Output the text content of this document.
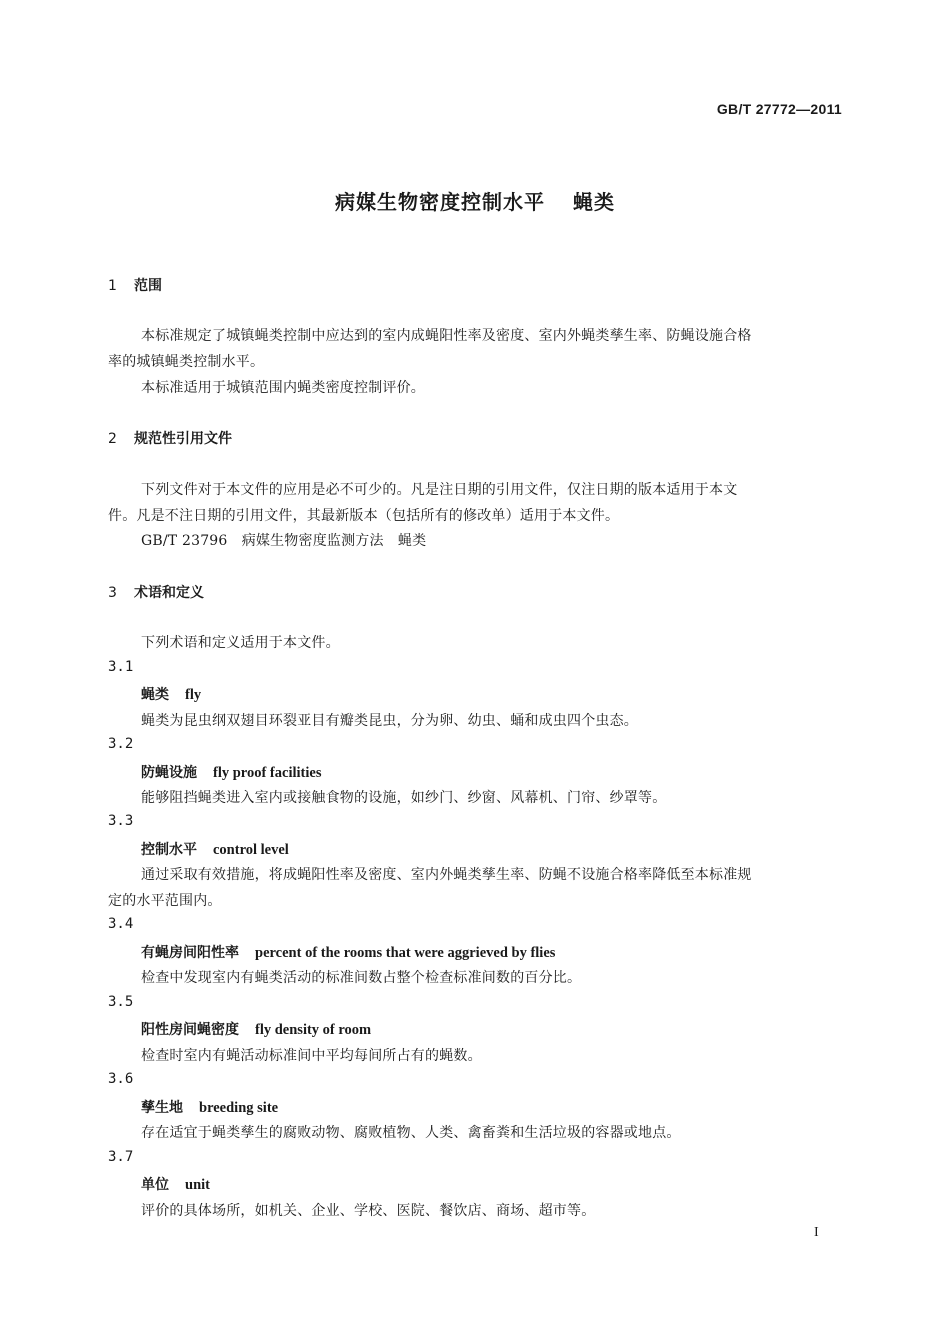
GB/T 27772—2011
病媒生物密度控制水平 蝇类
1 范围
本标准规定了城镇蝇类控制中应达到的室内成蝇阳性率及密度、室内外蝇类孳生率、防蝇设施合格
率的城镇蝇类控制水平。
本标准适用于城镇范围内蝇类密度控制评价。
2 规范性引用文件
下列文件对于本文件的应用是必不可少的。凡是注日期的引用文件，仅注日期的版本适用于本文
件。凡是不注日期的引用文件，其最新版本（包括所有的修改单）适用于本文件。
GB/T 23796　病媒生物密度监测方法　蝇类
3 术语和定义
下列术语和定义适用于本文件。
3.1
蝇类 fly
蝇类为昆虫纲双翅目环裂亚目有瓣类昆虫，分为卵、幼虫、蛹和成虫四个虫态。
3.2
防蝇设施 fly proof facilities
能够阻挡蝇类进入室内或接触食物的设施，如纱门、纱窗、风幕机、门帘、纱罩等。
3.3
控制水平 control level
通过采取有效措施，将成蝇阳性率及密度、室内外蝇类孳生率、防蝇不设施合格率降低至本标准规
定的水平范围内。
3.4
有蝇房间阳性率 percent of the rooms that were aggrieved by flies
检查中发现室内有蝇类活动的标准间数占整个检查标准间数的百分比。
3.5
阳性房间蝇密度 fly density of room
检查时室内有蝇活动标准间中平均每间所占有的蝇数。
3.6
孳生地 breeding site
存在适宜于蝇类孳生的腐败动物、腐败植物、人类、禽畜粪和生活垃圾的容器或地点。
3.7
单位 unit
评价的具体场所，如机关、企业、学校、医院、餐饮店、商场、超市等。
I
